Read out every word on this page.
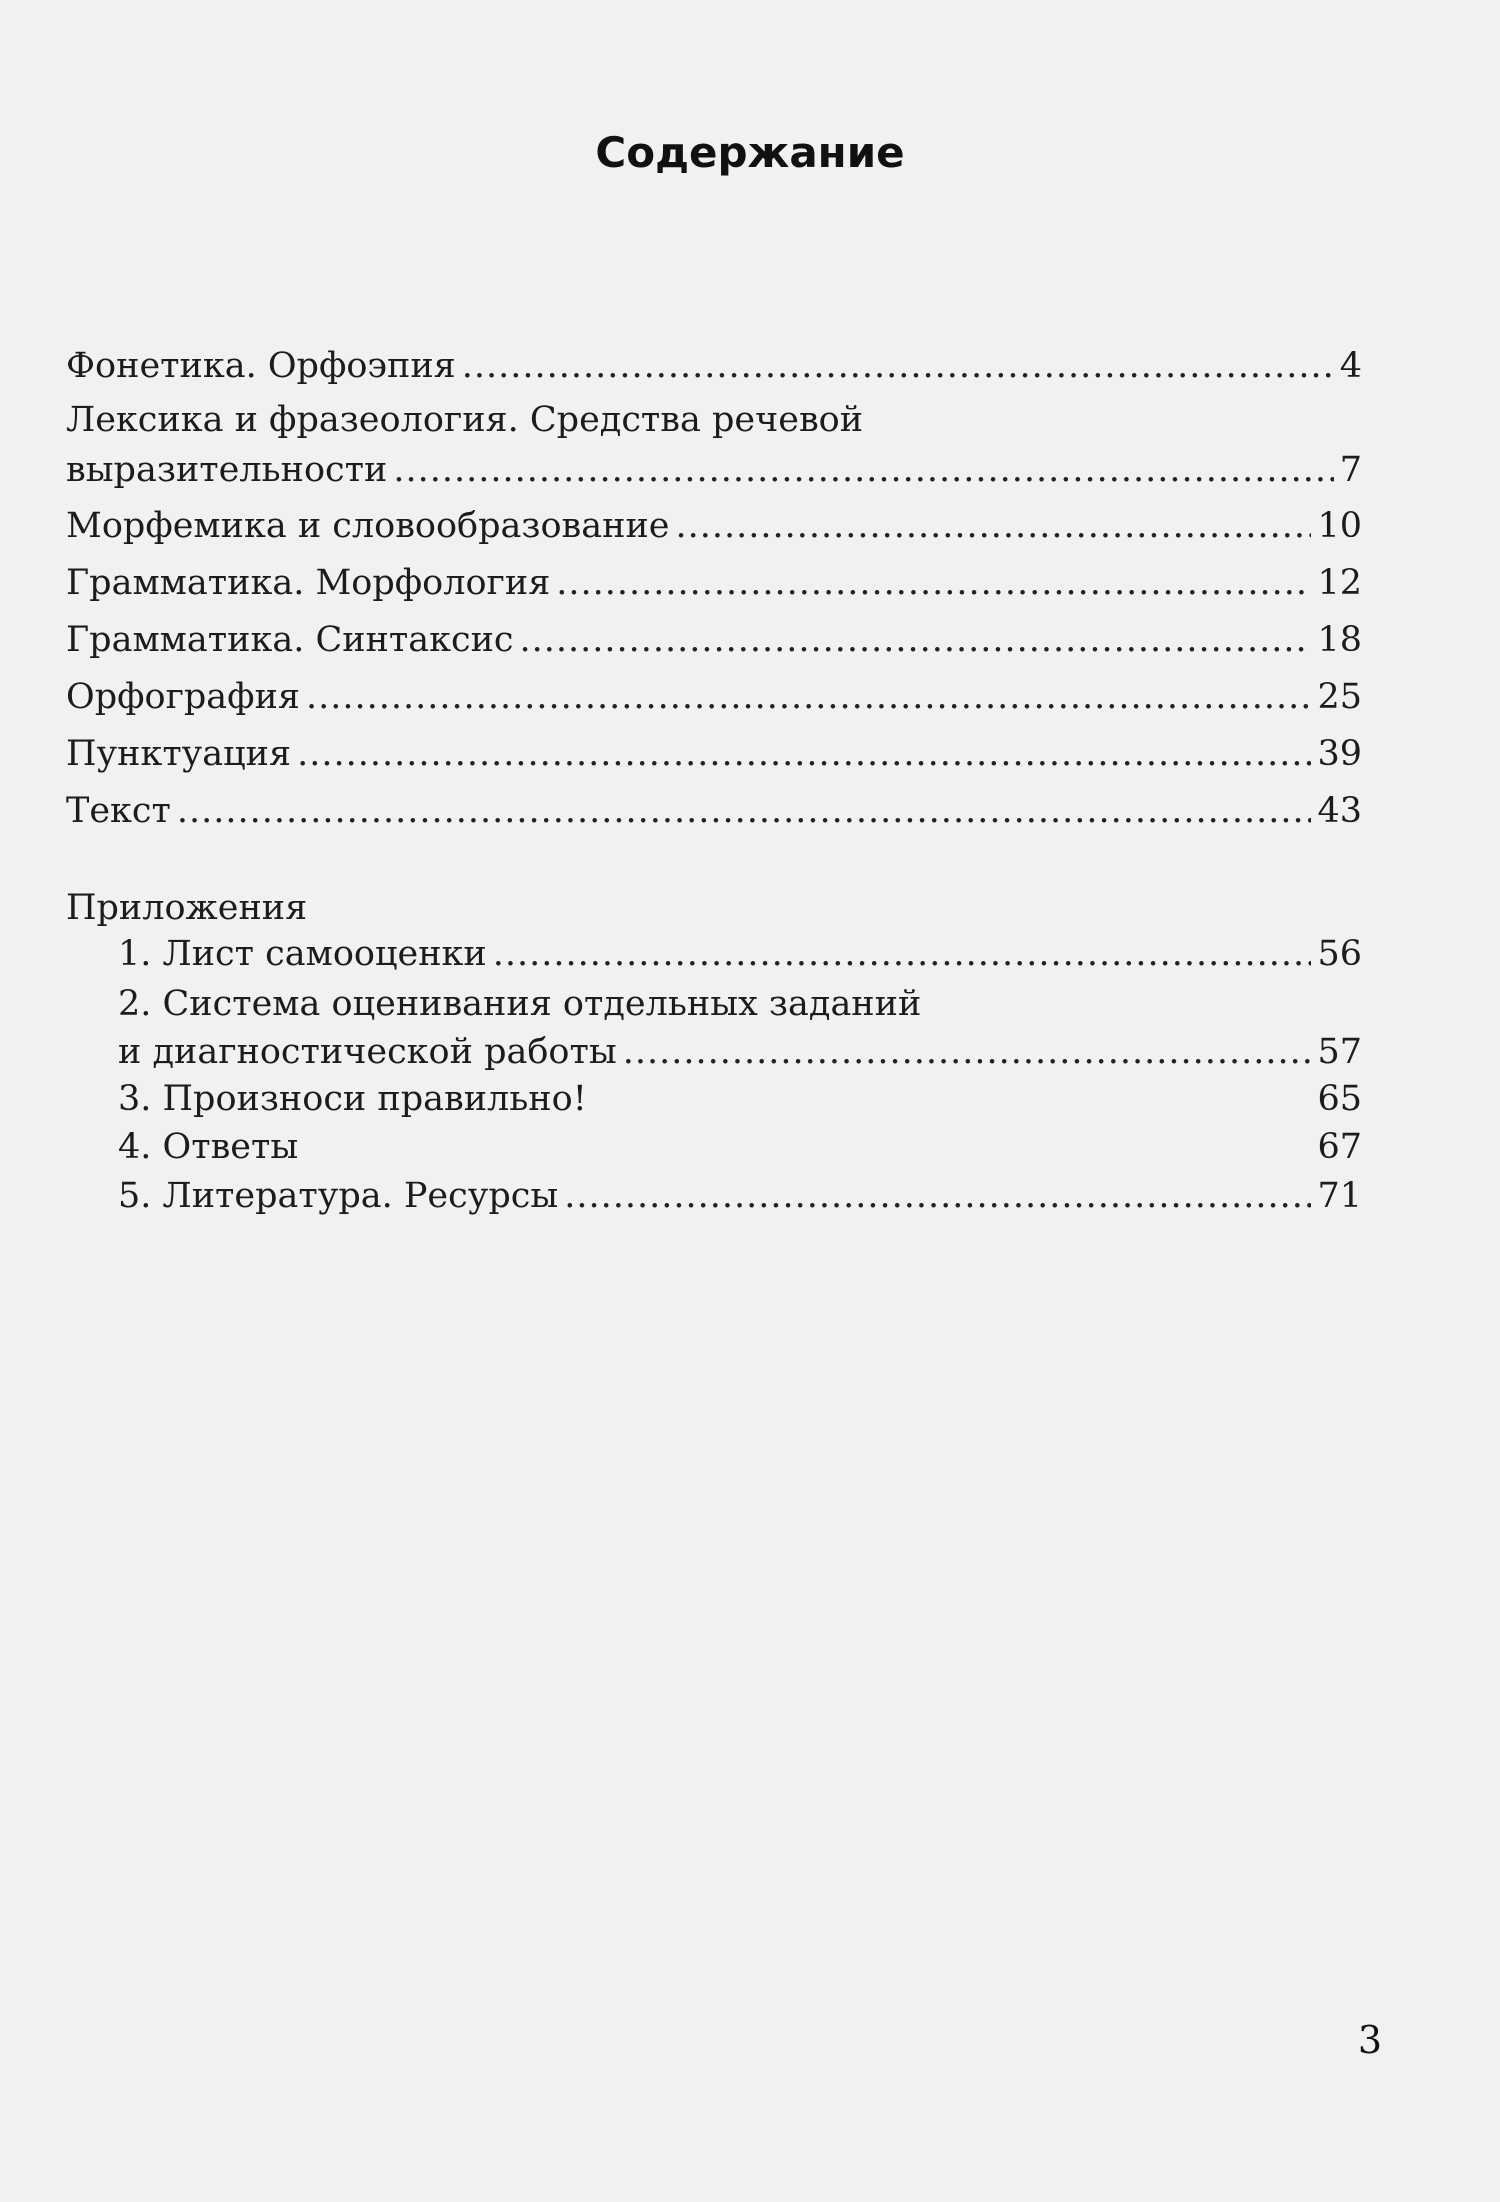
Содержание
Фонетика. Орфоэпия .....	4
Лексика и фразеология. Средства речевой
выразительности .....	7
Морфемика и словообразование .....	10
Грамматика. Морфология .....	12
Грамматика. Синтаксис .....	18
Орфография .....	25
Пунктуация .....	39
Текст .....	43
Приложения
1. Лист самооценки .....	56
2. Система оценивания отдельных заданий
и диагностической работы .....	57
3. Произноси правильно!	65
4. Ответы	67
5. Литература. Ресурсы .....	71
3
